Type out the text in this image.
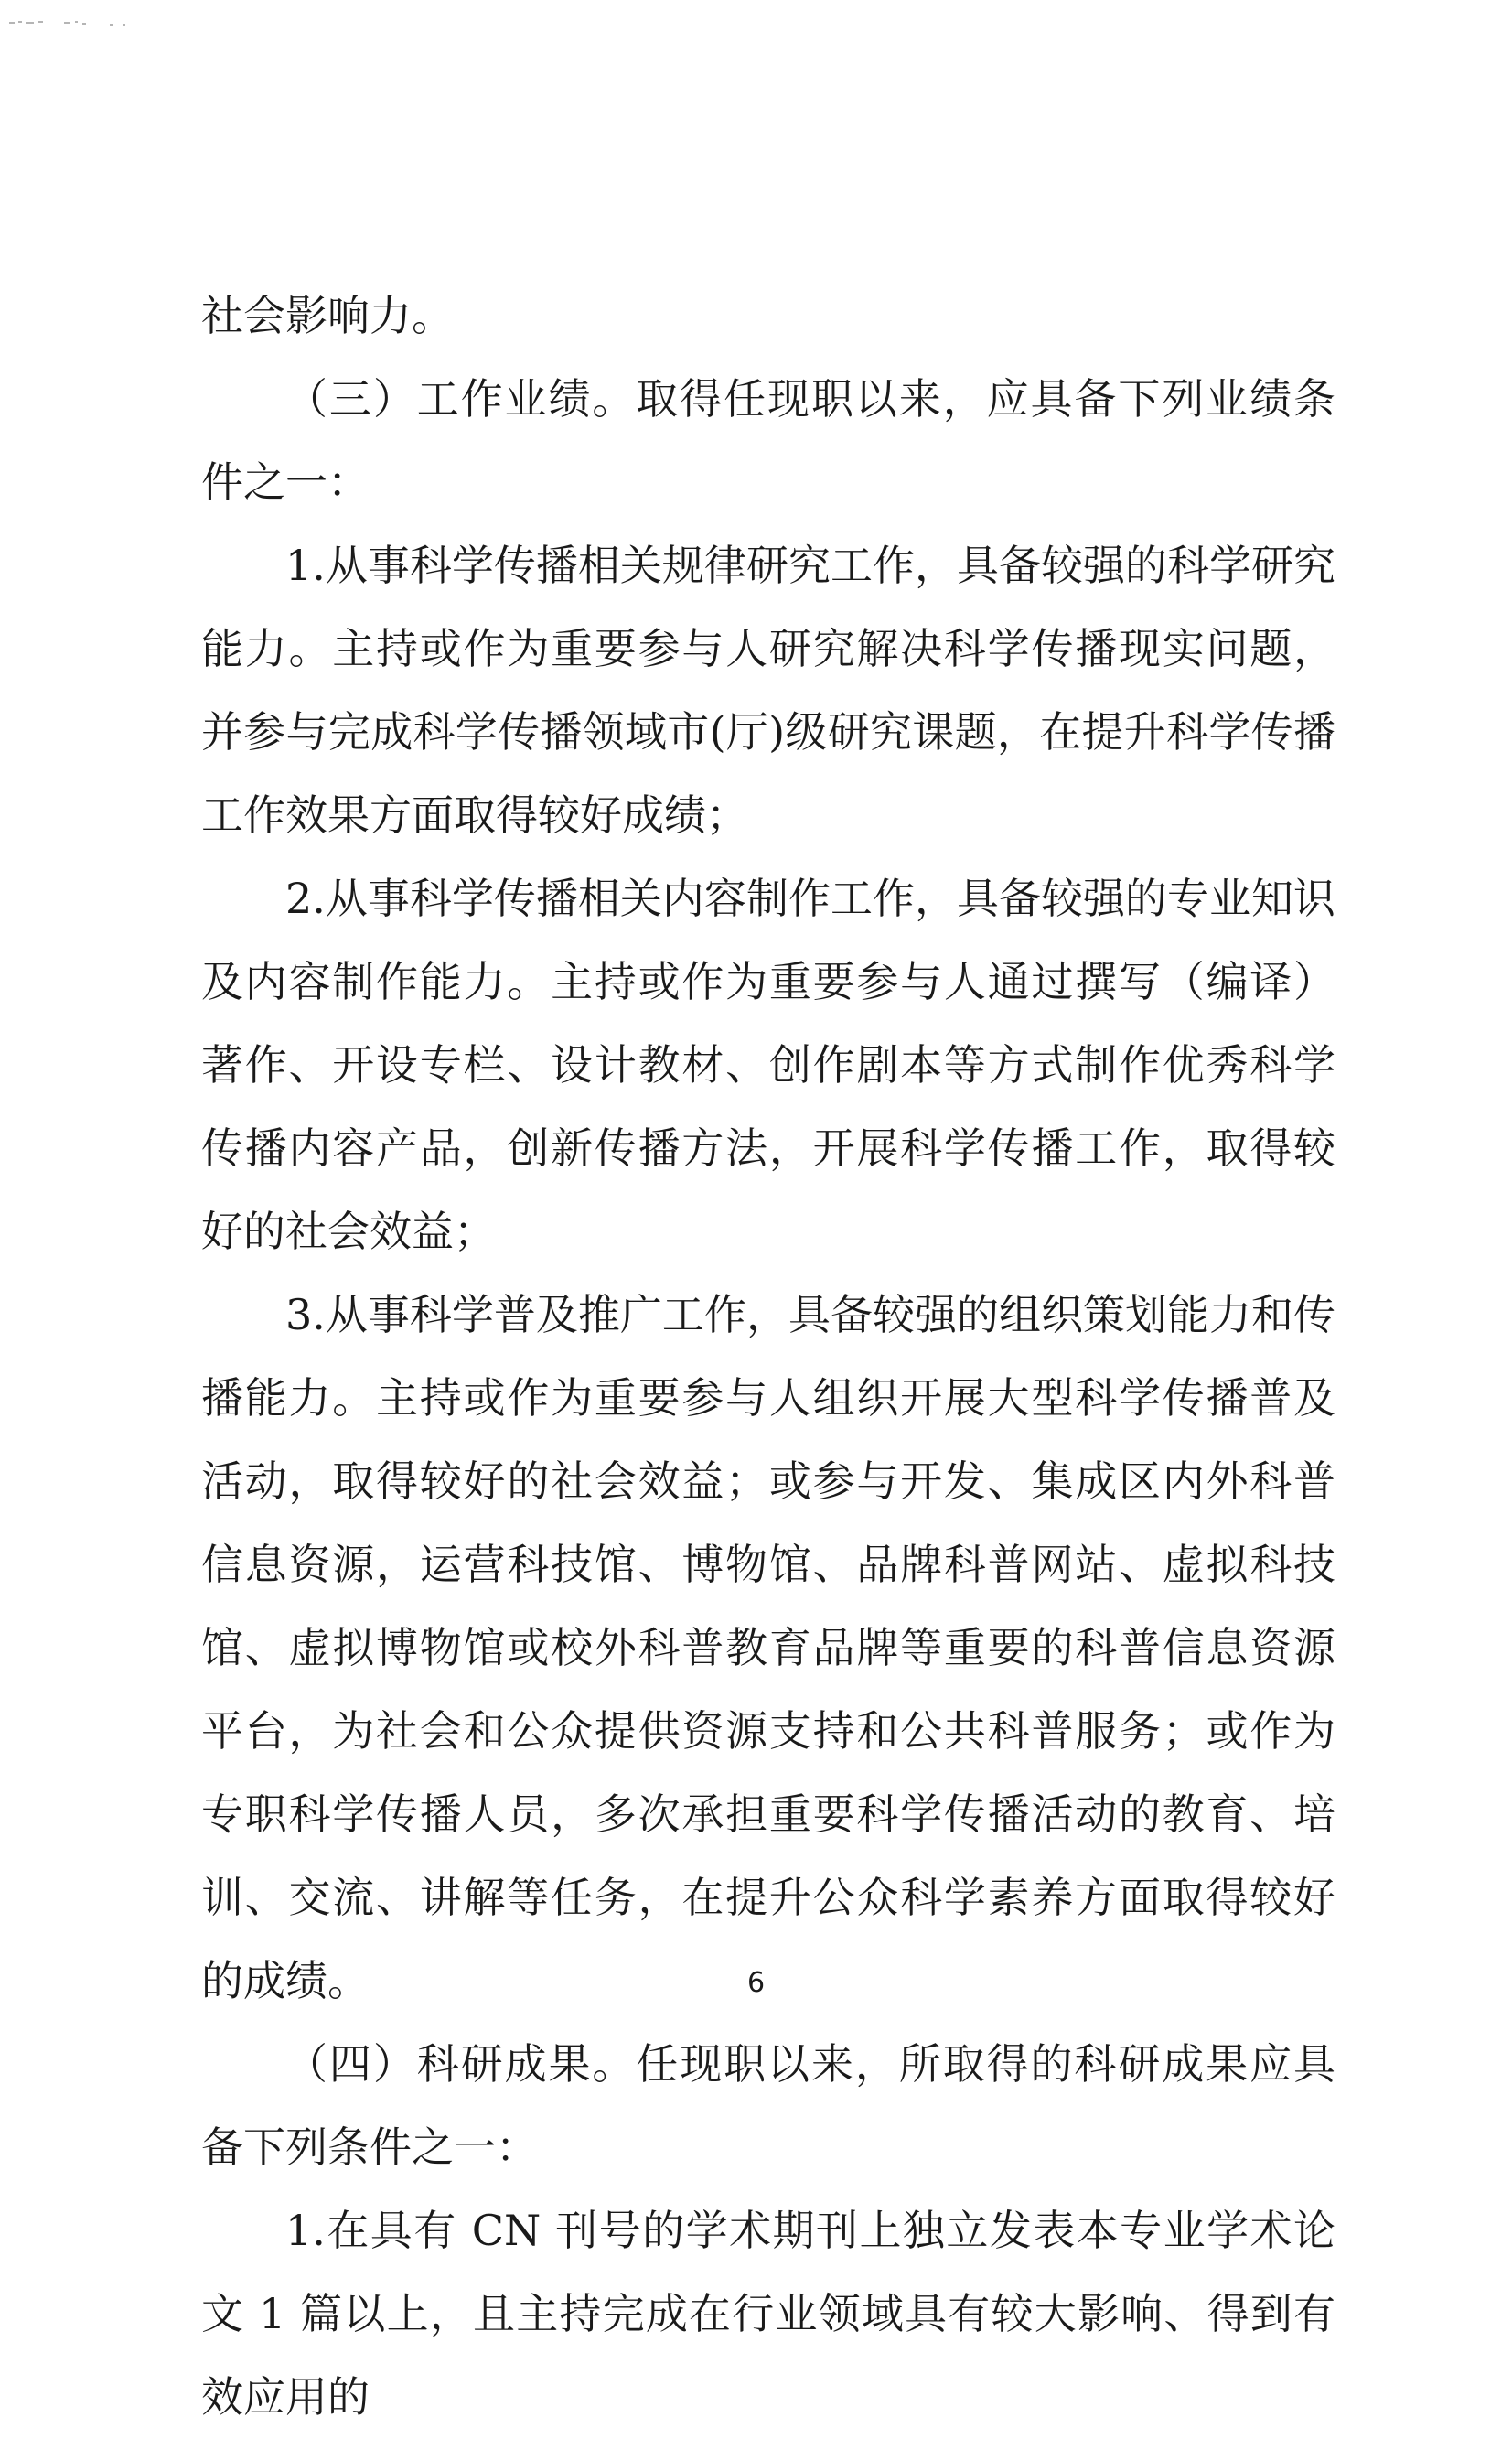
社会影响力。

（三）工作业绩。取得任现职以来，应具备下列业绩条件之一：

1.从事科学传播相关规律研究工作，具备较强的科学研究能力。主持或作为重要参与人研究解决科学传播现实问题，并参与完成科学传播领域市(厅)级研究课题，在提升科学传播工作效果方面取得较好成绩；

2.从事科学传播相关内容制作工作，具备较强的专业知识及内容制作能力。主持或作为重要参与人通过撰写（编译）著作、开设专栏、设计教材、创作剧本等方式制作优秀科学传播内容产品，创新传播方法，开展科学传播工作，取得较好的社会效益；

3.从事科学普及推广工作，具备较强的组织策划能力和传播能力。主持或作为重要参与人组织开展大型科学传播普及活动，取得较好的社会效益；或参与开发、集成区内外科普信息资源，运营科技馆、博物馆、品牌科普网站、虚拟科技馆、虚拟博物馆或校外科普教育品牌等重要的科普信息资源平台，为社会和公众提供资源支持和公共科普服务；或作为专职科学传播人员，多次承担重要科学传播活动的教育、培训、交流、讲解等任务，在提升公众科学素养方面取得较好的成绩。

（四）科研成果。任现职以来，所取得的科研成果应具备下列条件之一：

1.在具有 CN 刊号的学术期刊上独立发表本专业学术论文 1 篇以上，且主持完成在行业领域具有较大影响、得到有效应用的

6
